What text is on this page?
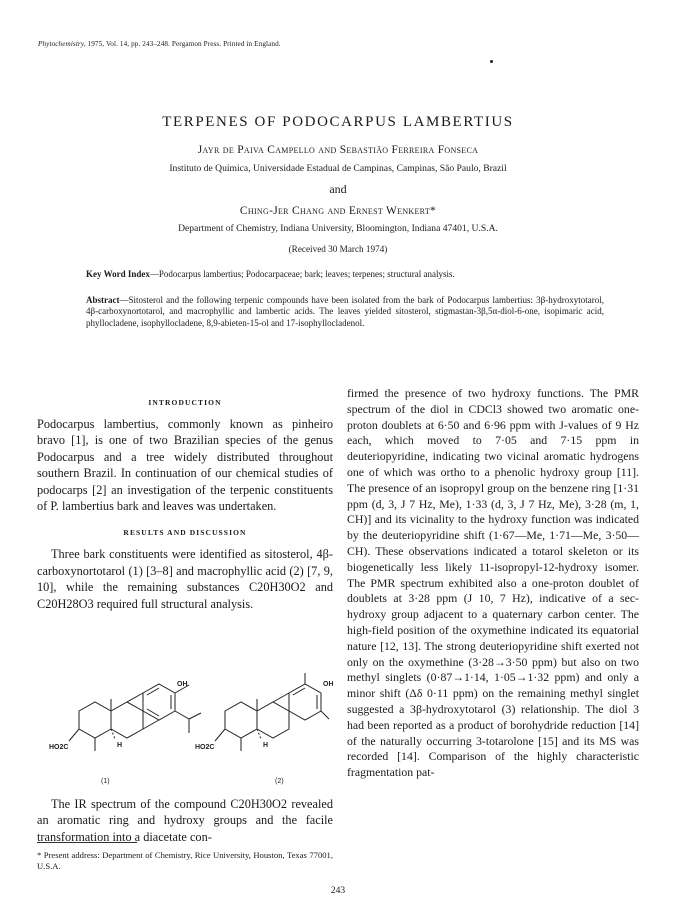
Phytochemistry, 1975, Vol. 14, pp. 243–248. Pergamon Press. Printed in England.
TERPENES OF PODOCARPUS LAMBERTIUS
Jayr de Paiva Campello and Sebastião Ferreira Fonseca
Instituto de Química, Universidade Estadual de Campinas, Campinas, São Paulo, Brazil
and
Ching-Jer Chang and Ernest Wenkert*
Department of Chemistry, Indiana University, Bloomington, Indiana 47401, U.S.A.
(Received 30 March 1974)
Key Word Index—Podocarpus lambertius; Podocarpaceae; bark; leaves; terpenes; structural analysis.
Abstract—Sitosterol and the following terpenic compounds have been isolated from the bark of Podocarpus lambertius: 3β-hydroxytotarol, 4β-carboxynortotarol, and macrophyllic and lambertic acids. The leaves yielded sitosterol, stigmastan-3β,5α-diol-6-one, isopimaric acid, phyllocladene, isophyllocladene, 8,9-abieten-15-ol and 17-isophyllocladenol.
INTRODUCTION

Podocarpus lambertius, commonly known as pinheiro bravo [1], is one of two Brazilian species of the genus Podocarpus and a tree widely distributed throughout southern Brazil. In continuation of our chemical studies of podocarps [2] an investigation of the terpenic constituents of P. lambertius bark and leaves was undertaken.

RESULTS AND DISCUSSION

Three bark constituents were identified as sitosterol, 4β-carboxynortotarol (1) [3–8] and macrophyllic acid (2) [7, 9, 10], while the remaining substances C20H30O2 and C20H28O3 required full structural analysis.

OH
H
HO2C
(1)
OH
H
HO2C
(2)

The IR spectrum of the compound C20H30O2 revealed an aromatic ring and hydroxy groups and the facile transformation into a diacetate con-

* Present address: Department of Chemistry, Rice University, Houston, Texas 77001, U.S.A.

firmed the presence of two hydroxy functions. The PMR spectrum of the diol in CDCl3 showed two aromatic one-proton doublets at 6·50 and 6·96 ppm with J-values of 9 Hz each, which moved to 7·05 and 7·15 ppm in deuteriopyridine, indicating two vicinal aromatic hydrogens one of which was ortho to a phenolic hydroxy group [11]. The presence of an isopropyl group on the benzene ring [1·31 ppm (d, 3, J 7 Hz, Me), 1·33 (d, 3, J 7 Hz, Me), 3·28 (m, 1, CH)] and its vicinality to the hydroxy function was indicated by the deuteriopyridine shift (1·67—Me, 1·71—Me, 3·50—CH). These observations indicated a totarol skeleton or its biogenetically less likely 11-isopropyl-12-hydroxy isomer. The PMR spectrum exhibited also a one-proton doublet of doublets at 3·28 ppm (J 10, 7 Hz), indicative of a sec-hydroxy group adjacent to a quaternary carbon center. The high-field position of the oxymethine indicated its equatorial nature [12, 13]. The strong deuteriopyridine shift exerted not only on the oxymethine (3·28→3·50 ppm) but also on two methyl singlets (0·87→1·14, 1·05→1·32 ppm) and only a minor shift (Δδ 0·11 ppm) on the remaining methyl singlet suggested a 3β-hydroxytotarol (3) relationship. The diol 3 had been reported as a product of borohydride reduction [14] of the naturally occurring 3-totarolone [15] and its MS was recorded [14]. Comparison of the highly characteristic fragmentation pat-

243
